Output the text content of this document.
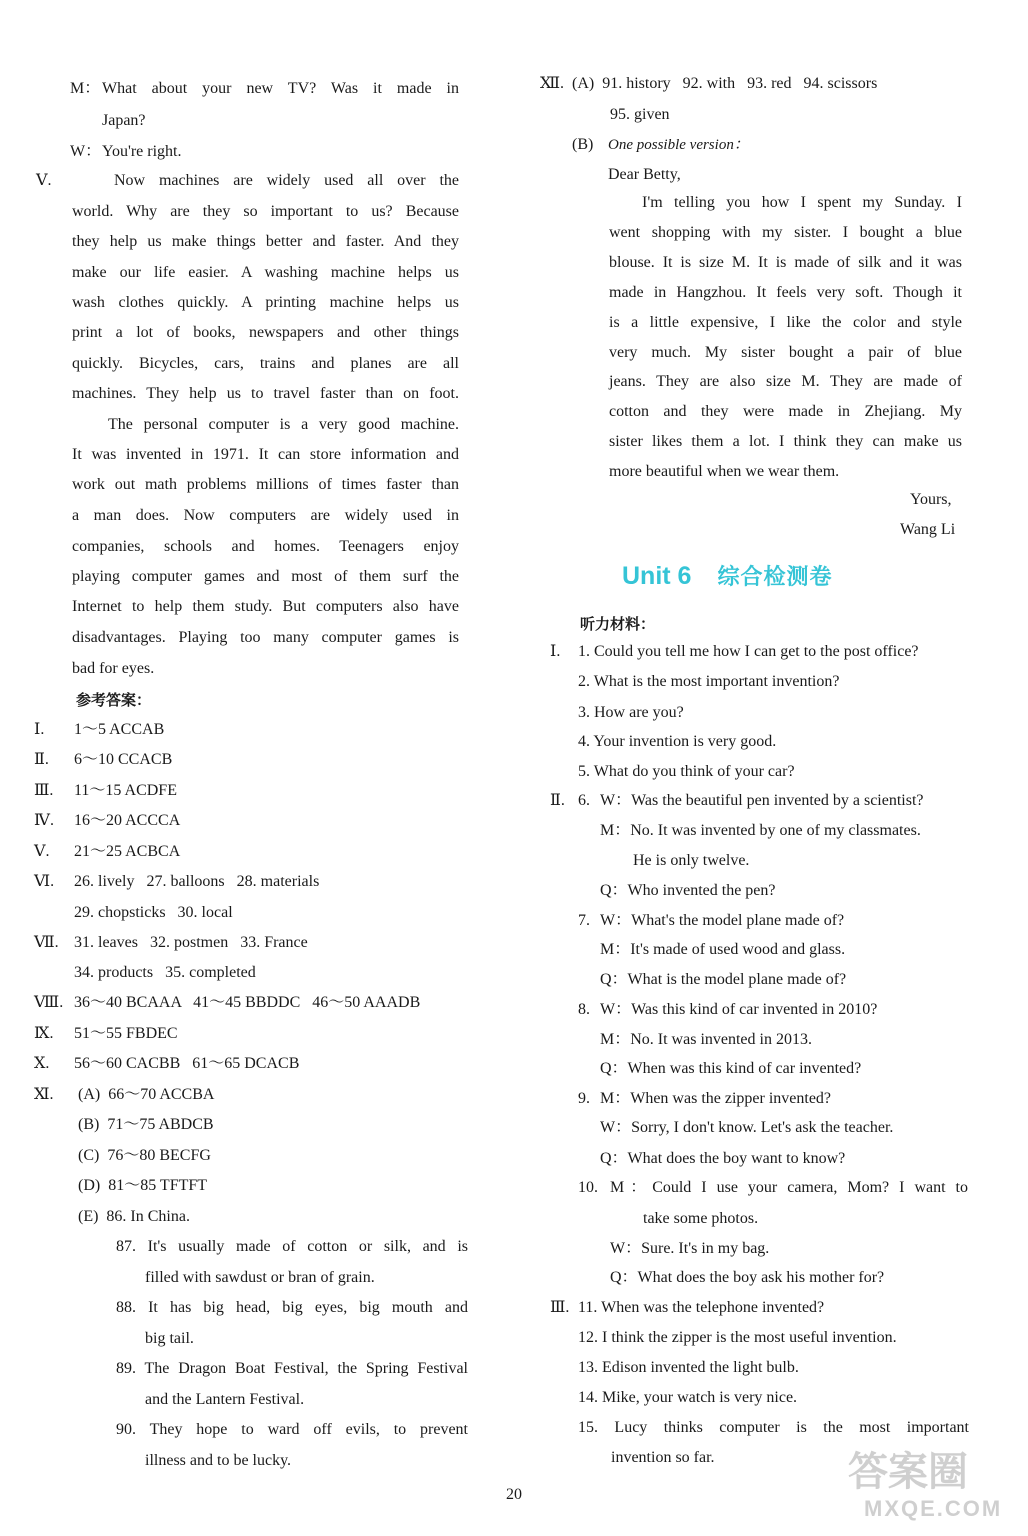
M： What about your new TV? Was it made in
Japan?
W： You're right.
Ⅴ.	Now machines are widely used all over the
world. Why are they so important to us? Because
they help us make things better and faster. And they
make our life easier. A washing machine helps us
wash clothes quickly. A printing machine helps us
print a lot of books, newspapers and other things
quickly. Bicycles, cars, trains and planes are all
machines. They help us to travel faster than on foot.
The personal computer is a very good machine.
It was invented in 1971. It can store information and
work out math problems millions of times faster than
a man does. Now computers are widely used in
companies, schools and homes. Teenagers enjoy
playing computer games and most of them surf the
Internet to help them study. But computers also have
disadvantages. Playing too many computer games is
bad for eyes.
参考答案：
Ⅰ. 1～5 ACCAB
Ⅱ. 6～10 CCACB
Ⅲ. 11～15 ACDFE
Ⅳ. 16～20 ACCCA
Ⅴ. 21～25 ACBCA
Ⅵ. 26. lively   27. balloons   28. materials
29. chopsticks   30. local
Ⅶ. 31. leaves   32. postmen   33. France
34. products   35. completed
Ⅷ. 36～40 BCAAA   41～45 BBDDC   46～50 AAADB
Ⅸ. 51～55 FBDEC
Ⅹ. 56～60 CACBB   61～65 DCACB
Ⅺ. (A)  66～70 ACCBA
(B)  71～75 ABDCB
(C)  76～80 BECFG
(D)  81～85 TFTFT
(E)  86. In China.
87. It's usually made of cotton or silk, and is
filled with sawdust or bran of grain.
88. It has big head, big eyes, big mouth and
big tail.
89. The Dragon Boat Festival, the Spring Festival
and the Lantern Festival.
90. They hope to ward off evils, to prevent
illness and to be lucky.
Ⅻ. (A)  91. history   92. with   93. red   94. scissors
95. given
(B) One possible version：
Dear Betty,
I'm telling you how I spent my Sunday. I
went shopping with my sister. I bought a blue
blouse. It is size M. It is made of silk and it was
made in Hangzhou. It feels very soft. Though it
is a little expensive, I like the color and style
very much. My sister bought a pair of blue
jeans. They are also size M. They are made of
cotton and they were made in Zhejiang. My
sister likes them a lot. I think they can make us
more beautiful when we wear them.
Yours,
Wang Li
Unit 6 综合检测卷
听力材料：
Ⅰ. 1. Could you tell me how I can get to the post office?
2. What is the most important invention?
3. How are you?
4. Your invention is very good.
5. What do you think of your car?
Ⅱ. 6. W：Was the beautiful pen invented by a scientist?
M：No. It was invented by one of my classmates.
He is only twelve.
Q：Who invented the pen?
7. W：What's the model plane made of?
M：It's made of used wood and glass.
Q：What is the model plane made of?
8. W：Was this kind of car invented in 2010?
M：No. It was invented in 2013.
Q：When was this kind of car invented?
9. M：When was the zipper invented?
W：Sorry, I don't know. Let's ask the teacher.
Q：What does the boy want to know?
10. M：Could I use your camera, Mom? I want to
take some photos.
W：Sure. It's in my bag.
Q：What does the boy ask his mother for?
Ⅲ. 11. When was the telephone invented?
12. I think the zipper is the most useful invention.
13. Edison invented the light bulb.
14. Mike, your watch is very nice.
15. Lucy thinks computer is the most important
invention so far.
20	答案圈
MXQE.COM
